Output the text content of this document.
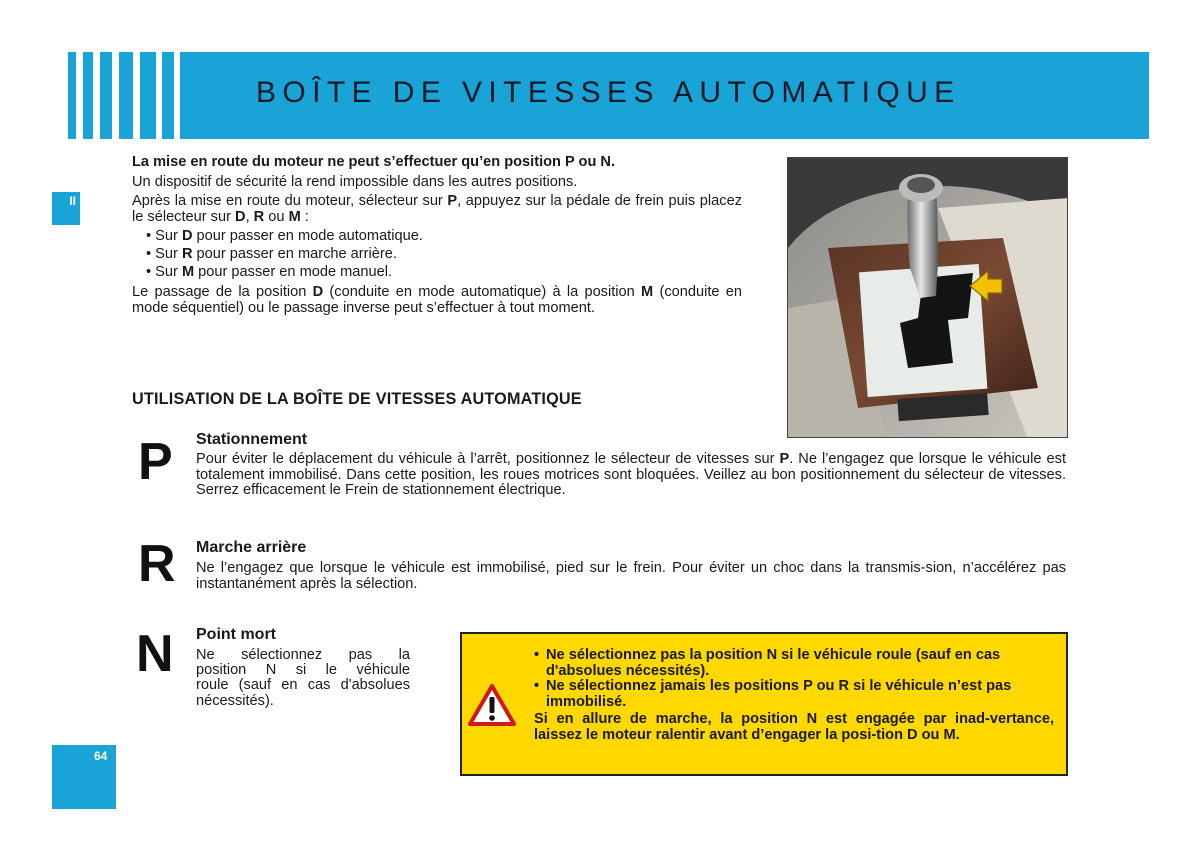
BOÎTE DE VITESSES AUTOMATIQUE
II
64

La mise en route du moteur ne peut s’effectuer qu’en position P ou N.

Un dispositif de sécurité la rend impossible dans les autres positions.

Après la mise en route du moteur, sélecteur sur P, appuyez sur la pédale de frein puis placez le sélecteur sur D, R ou M :

• Sur D pour passer en mode automatique.
• Sur R pour passer en marche arrière.
• Sur M pour passer en mode manuel.

Le passage de la position D (conduite en mode automatique) à la position M (conduite en mode séquentiel) ou le passage inverse peut s’effectuer à tout moment.

UTILISATION DE LA BOÎTE DE VITESSES AUTOMATIQUE
P Stationnement
Pour éviter le déplacement du véhicule à l’arrêt, positionnez le sélecteur de vitesses sur P. Ne l’engagez que lorsque le véhicule est totalement immobilisé. Dans cette position, les roues motrices sont bloquées. Veillez au bon positionnement du sélecteur de vitesses. Serrez efficacement le Frein de stationnement électrique.
R Marche arrière
Ne l’engagez que lorsque le véhicule est immobilisé, pied sur le frein. Pour éviter un choc dans la transmis-sion, n’accélérez pas instantanément après la sélection.
N Point mort
Ne sélectionnez pas la
position N si le véhicule
roule (sauf en cas d'absolues nécessités).
• Ne sélectionnez pas la position N si le véhicule roule (sauf en cas d'absolues nécessités).
• Ne sélectionnez jamais les positions P ou R si le véhicule n’est pas immobilisé.

Si en allure de marche, la position N est engagée par inad-vertance, laissez le moteur ralentir avant d’engager la posi-tion D ou M.
